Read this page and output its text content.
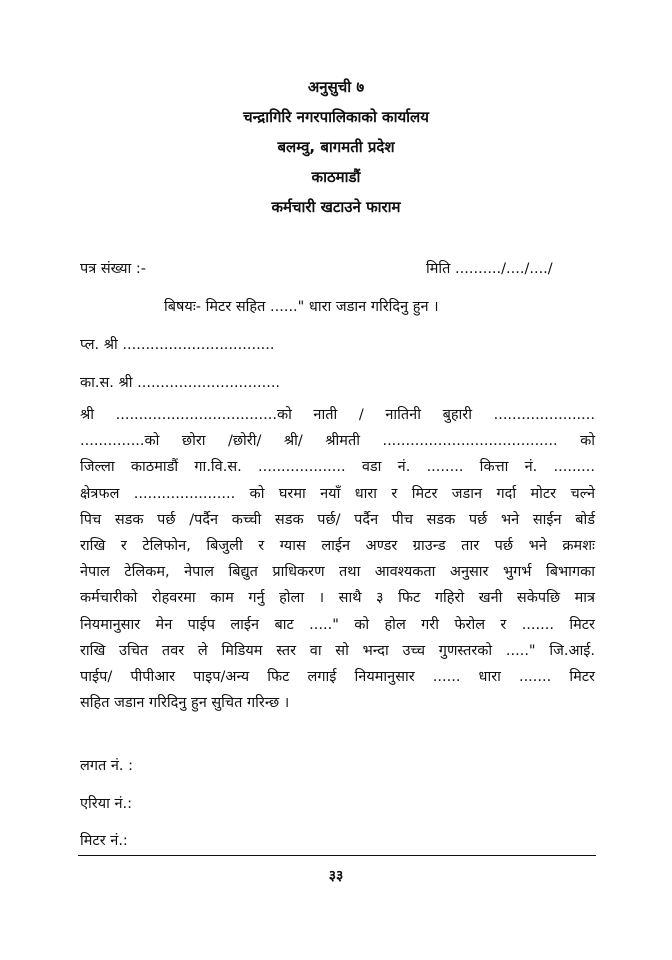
अनुसुची ७
चन्द्रागिरि नगरपालिकाको कार्यालय
बलम्वु, बागमती प्रदेश
काठमाडौं
कर्मचारी खटाउने फाराम
पत्र संख्या :-	मिति ........../..../..../
बिषयः- मिटर सहित ......" धारा जडान गरिदिनु हुन ।
प्ल. श्री .................................
का.स. श्री ...............................
श्री ...................................को नाती / नातिनी बुहारी ......................
..............को छोरा /छोरी/ श्री/ श्रीमती ...................................... को
जिल्ला काठमाडौं गा.वि.स. ................... वडा नं. ........ कित्ता नं. .........
क्षेत्रफल ...................... को घरमा नयाँ धारा र मिटर जडान गर्दा मोटर चल्ने
पिच सडक पर्छ /पर्दैन कच्ची सडक पर्छ/ पर्दैन पीच सडक पर्छ भने साईन बोर्ड
राखि र टेलिफोन, बिजुली र ग्यास लाईन अण्डर ग्राउन्ड तार पर्छ भने क्रमशः
नेपाल टेलिकम, नेपाल बिद्युत प्राधिकरण तथा आवश्यकता अनुसार भुगर्भ बिभागका
कर्मचारीको रोहवरमा काम गर्नु होला । साथै ३ फिट गहिरो खनी सकेपछि मात्र
नियमानुसार मेन पाईप लाईन बाट ....." को होल गरी फेरोल र ....... मिटर
राखि उचित तवर ले मिडियम स्तर वा सो भन्दा उच्च गुणस्तरको ....." जि.आई.
पाईप/ पीपीआर पाइप/अन्य फिट लगाई नियमानुसार ...... धारा ....... मिटर
सहित जडान गरिदिनु हुन सुचित गरिन्छ ।
लगत नं. :
एरिया नं.:
मिटर नं.:
३३
